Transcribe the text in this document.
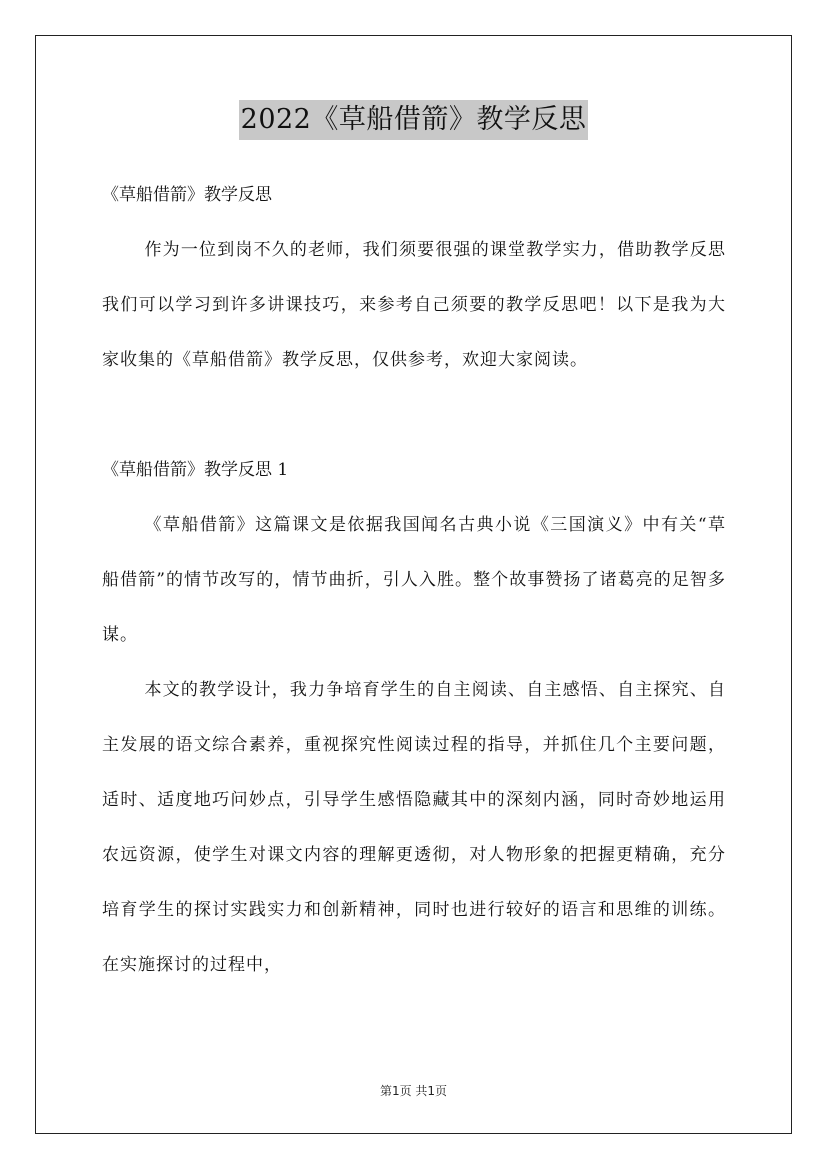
2022《草船借箭》教学反思

《草船借箭》教学反思

作为一位到岗不久的老师，我们须要很强的课堂教学实力，借助教学反思我们可以学习到许多讲课技巧，来参考自己须要的教学反思吧！以下是我为大家收集的《草船借箭》教学反思，仅供参考，欢迎大家阅读。

《草船借箭》教学反思 1

《草船借箭》这篇课文是依据我国闻名古典小说《三国演义》中有关“草船借箭”的情节改写的，情节曲折，引人入胜。整个故事赞扬了诸葛亮的足智多谋。

本文的教学设计，我力争培育学生的自主阅读、自主感悟、自主探究、自主发展的语文综合素养，重视探究性阅读过程的指导，并抓住几个主要问题，适时、适度地巧问妙点，引导学生感悟隐藏其中的深刻内涵，同时奇妙地运用农远资源，使学生对课文内容的理解更透彻，对人物形象的把握更精确，充分培育学生的探讨实践实力和创新精神，同时也进行较好的语言和思维的训练。在实施探讨的过程中，

第1页 共1页
